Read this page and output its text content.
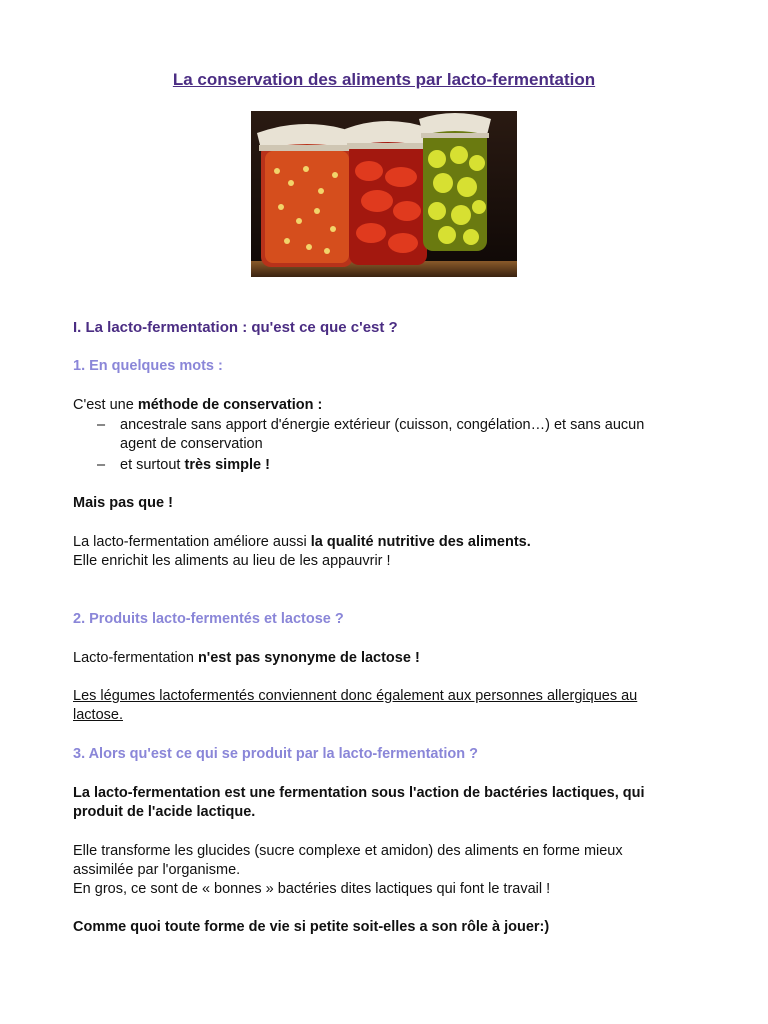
La conservation des aliments par lacto-fermentation
I. La lacto-fermentation : qu'est ce que c'est ?
1. En quelques mots :
C'est une méthode de conservation :
– ancestrale sans apport d'énergie extérieur (cuisson, congélation…) et sans aucun
agent de conservation
– et surtout très simple !
Mais pas que !
La lacto-fermentation améliore aussi la qualité nutritive des aliments.
Elle enrichit les aliments au lieu de les appauvrir !
2. Produits lacto-fermentés et lactose ?
Lacto-fermentation n'est pas synonyme de lactose !
Les légumes lactofermentés conviennent donc également aux personnes allergiques au
lactose.
3. Alors qu'est ce qui se produit par la lacto-fermentation ?
La lacto-fermentation est une fermentation sous l'action de bactéries lactiques, qui
produit de l'acide lactique.
Elle transforme les glucides (sucre complexe et amidon) des aliments en forme mieux
assimilée par l'organisme.
En gros, ce sont de « bonnes » bactéries dites lactiques qui font le travail !
Comme quoi toute forme de vie si petite soit-elles a son rôle à jouer:)
